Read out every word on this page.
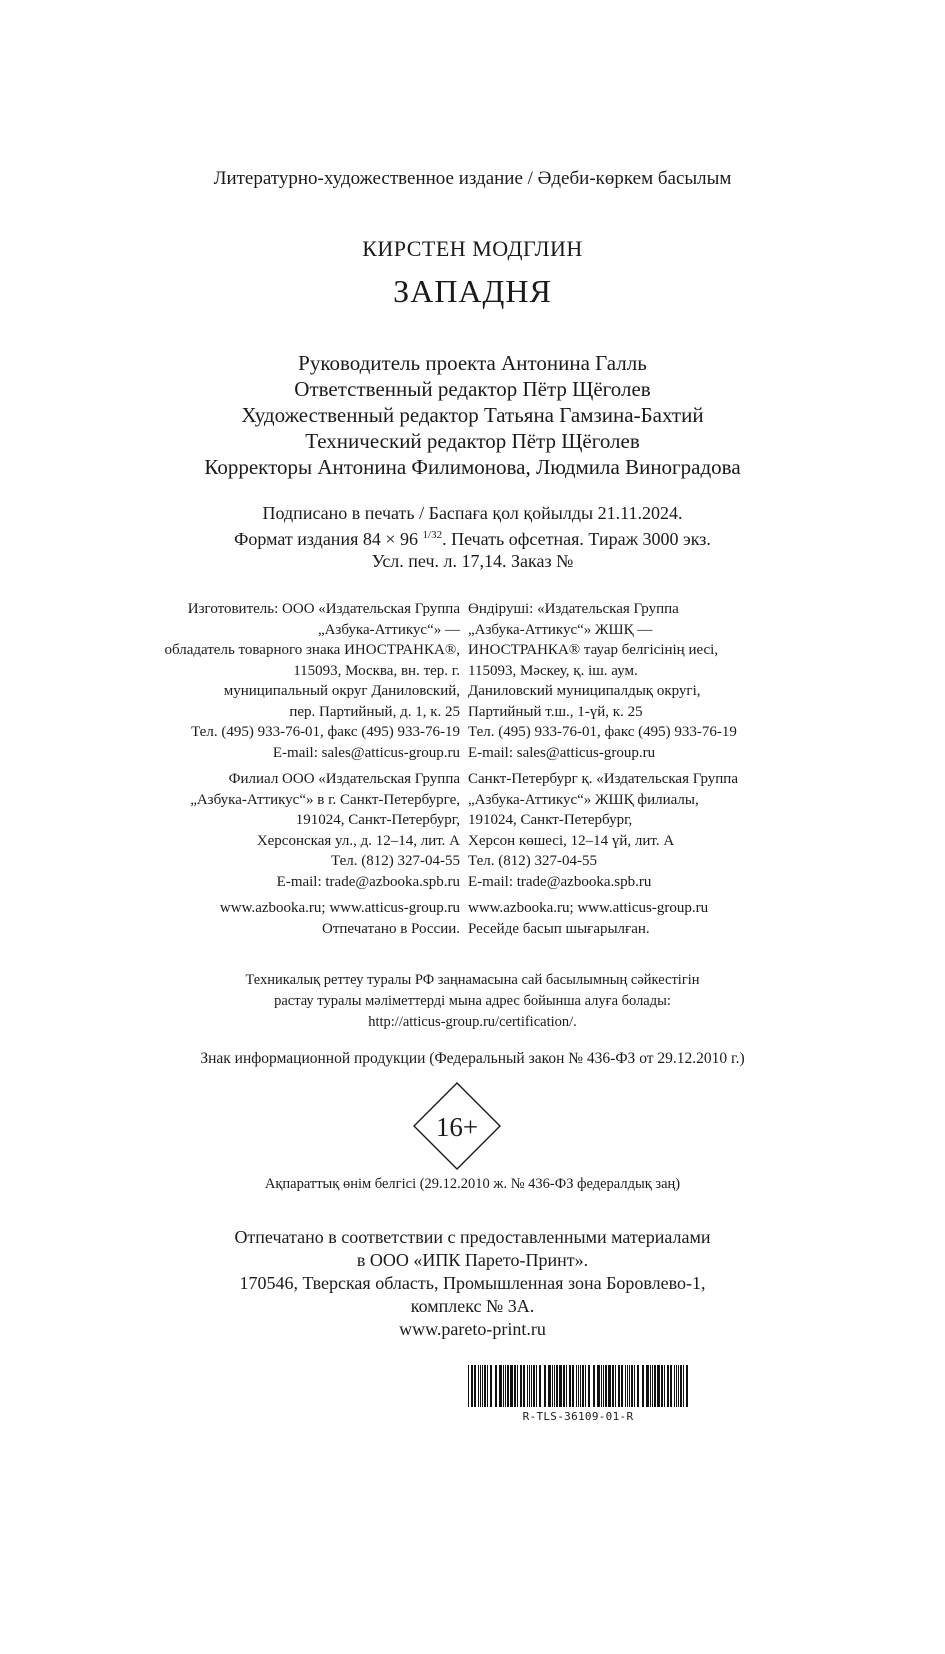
Литературно-художественное издание / Әдеби-көркем басылым
КИРСТЕН МОДГЛИН
ЗАПАДНЯ
Руководитель проекта Антонина Галль
Ответственный редактор Пётр Щёголев
Художественный редактор Татьяна Гамзина-Бахтий
Технический редактор Пётр Щёголев
Корректоры Антонина Филимонова, Людмила Виноградова
Подписано в печать / Баспаға қол қойылды 21.11.2024.
Формат издания 84 × 96 $^{1/32}$. Печать офсетная. Тираж 3000 экз.
Усл. печ. л. 17,14. Заказ №
Изготовитель: ООО «Издательская Группа
„Азбука-Аттикус“» —
обладатель товарного знака ИНОСТРАНКА®,
115093, Москва, вн. тер. г.
муниципальный округ Даниловский,
пер. Партийный, д. 1, к. 25
Тел. (495) 933-76-01, факс (495) 933-76-19
E-mail: sales@atticus-group.ru
Филиал ООО «Издательская Группа
„Азбука-Аттикус“» в г. Санкт-Петербурге,
191024, Санкт-Петербург,
Херсонская ул., д. 12–14, лит. А
Тел. (812) 327-04-55
E-mail: trade@azbooka.spb.ru
www.azbooka.ru; www.atticus-group.ru
Отпечатано в России.
Өндіруші: «Издательская Группа
„Азбука-Аттикус“» ЖШҚ —
ИНОСТРАНКА® тауар белгісінің иесі,
115093, Мәскеу, қ. іш. аум.
Даниловский муниципалдық округі,
Партийный т.ш., 1-үй, к. 25
Тел. (495) 933-76-01, факс (495) 933-76-19
E-mail: sales@atticus-group.ru
Санкт-Петербург қ. «Издательская Группа
„Азбука-Аттикус“» ЖШҚ филиалы,
191024, Санкт-Петербург,
Херсон көшесі, 12–14 үй, лит. А
Тел. (812) 327-04-55
E-mail: trade@azbooka.spb.ru
www.azbooka.ru; www.atticus-group.ru
Ресейде басып шығарылған.
Техникалық реттеу туралы РФ заңнамасына сай басылымның сәйкестігін
растау туралы мәліметтерді мына адрес бойынша алуға болады:
http://atticus-group.ru/certification/.
Знак информационной продукции (Федеральный закон № 436-ФЗ от 29.12.2010 г.)
16+
Ақпараттық өнім белгісі (29.12.2010 ж. № 436-ФЗ федералдық заң)
Отпечатано в соответствии с предоставленными материалами
в ООО «ИПК Парето-Принт».
170546, Тверская область, Промышленная зона Боровлево-1,
комплекс № 3А.
www.pareto-print.ru
R-TLS-36109-01-R
